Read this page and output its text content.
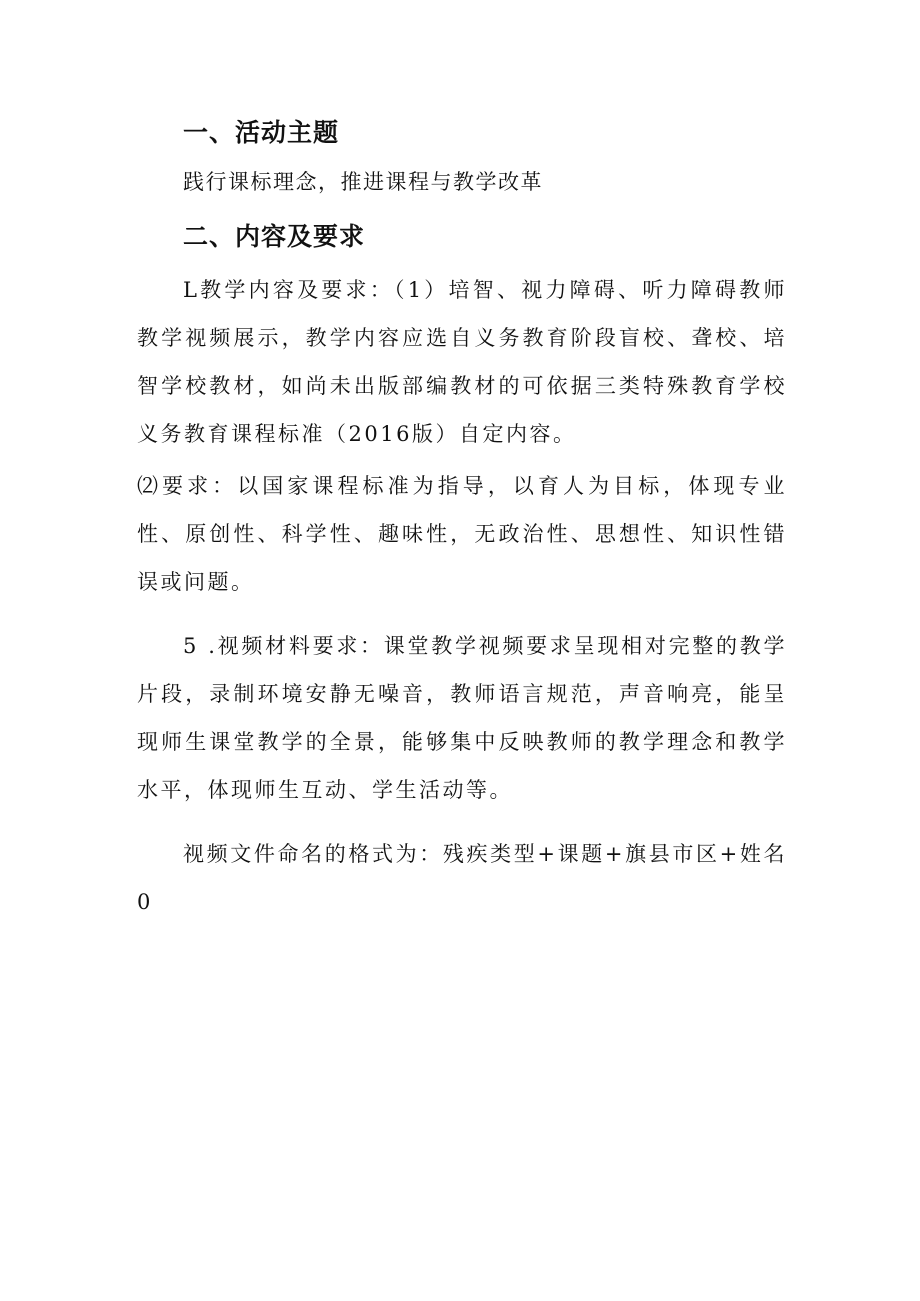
一、活动主题

践行课标理念，推进课程与教学改革

二、内容及要求

L教学内容及要求：（1）培智、视力障碍、听力障碍教师教学视频展示，教学内容应选自义务教育阶段盲校、聋校、培智学校教材，如尚未出版部编教材的可依据三类特殊教育学校义务教育课程标准（2016版）自定内容。

⑵要求：以国家课程标准为指导，以育人为目标，体现专业性、原创性、科学性、趣味性，无政治性、思想性、知识性错误或问题。

5 .视频材料要求：课堂教学视频要求呈现相对完整的教学片段，录制环境安静无噪音，教师语言规范，声音响亮，能呈现师生课堂教学的全景，能够集中反映教师的教学理念和教学水平，体现师生互动、学生活动等。

视频文件命名的格式为：残疾类型+课题+旗县市区+姓名0
